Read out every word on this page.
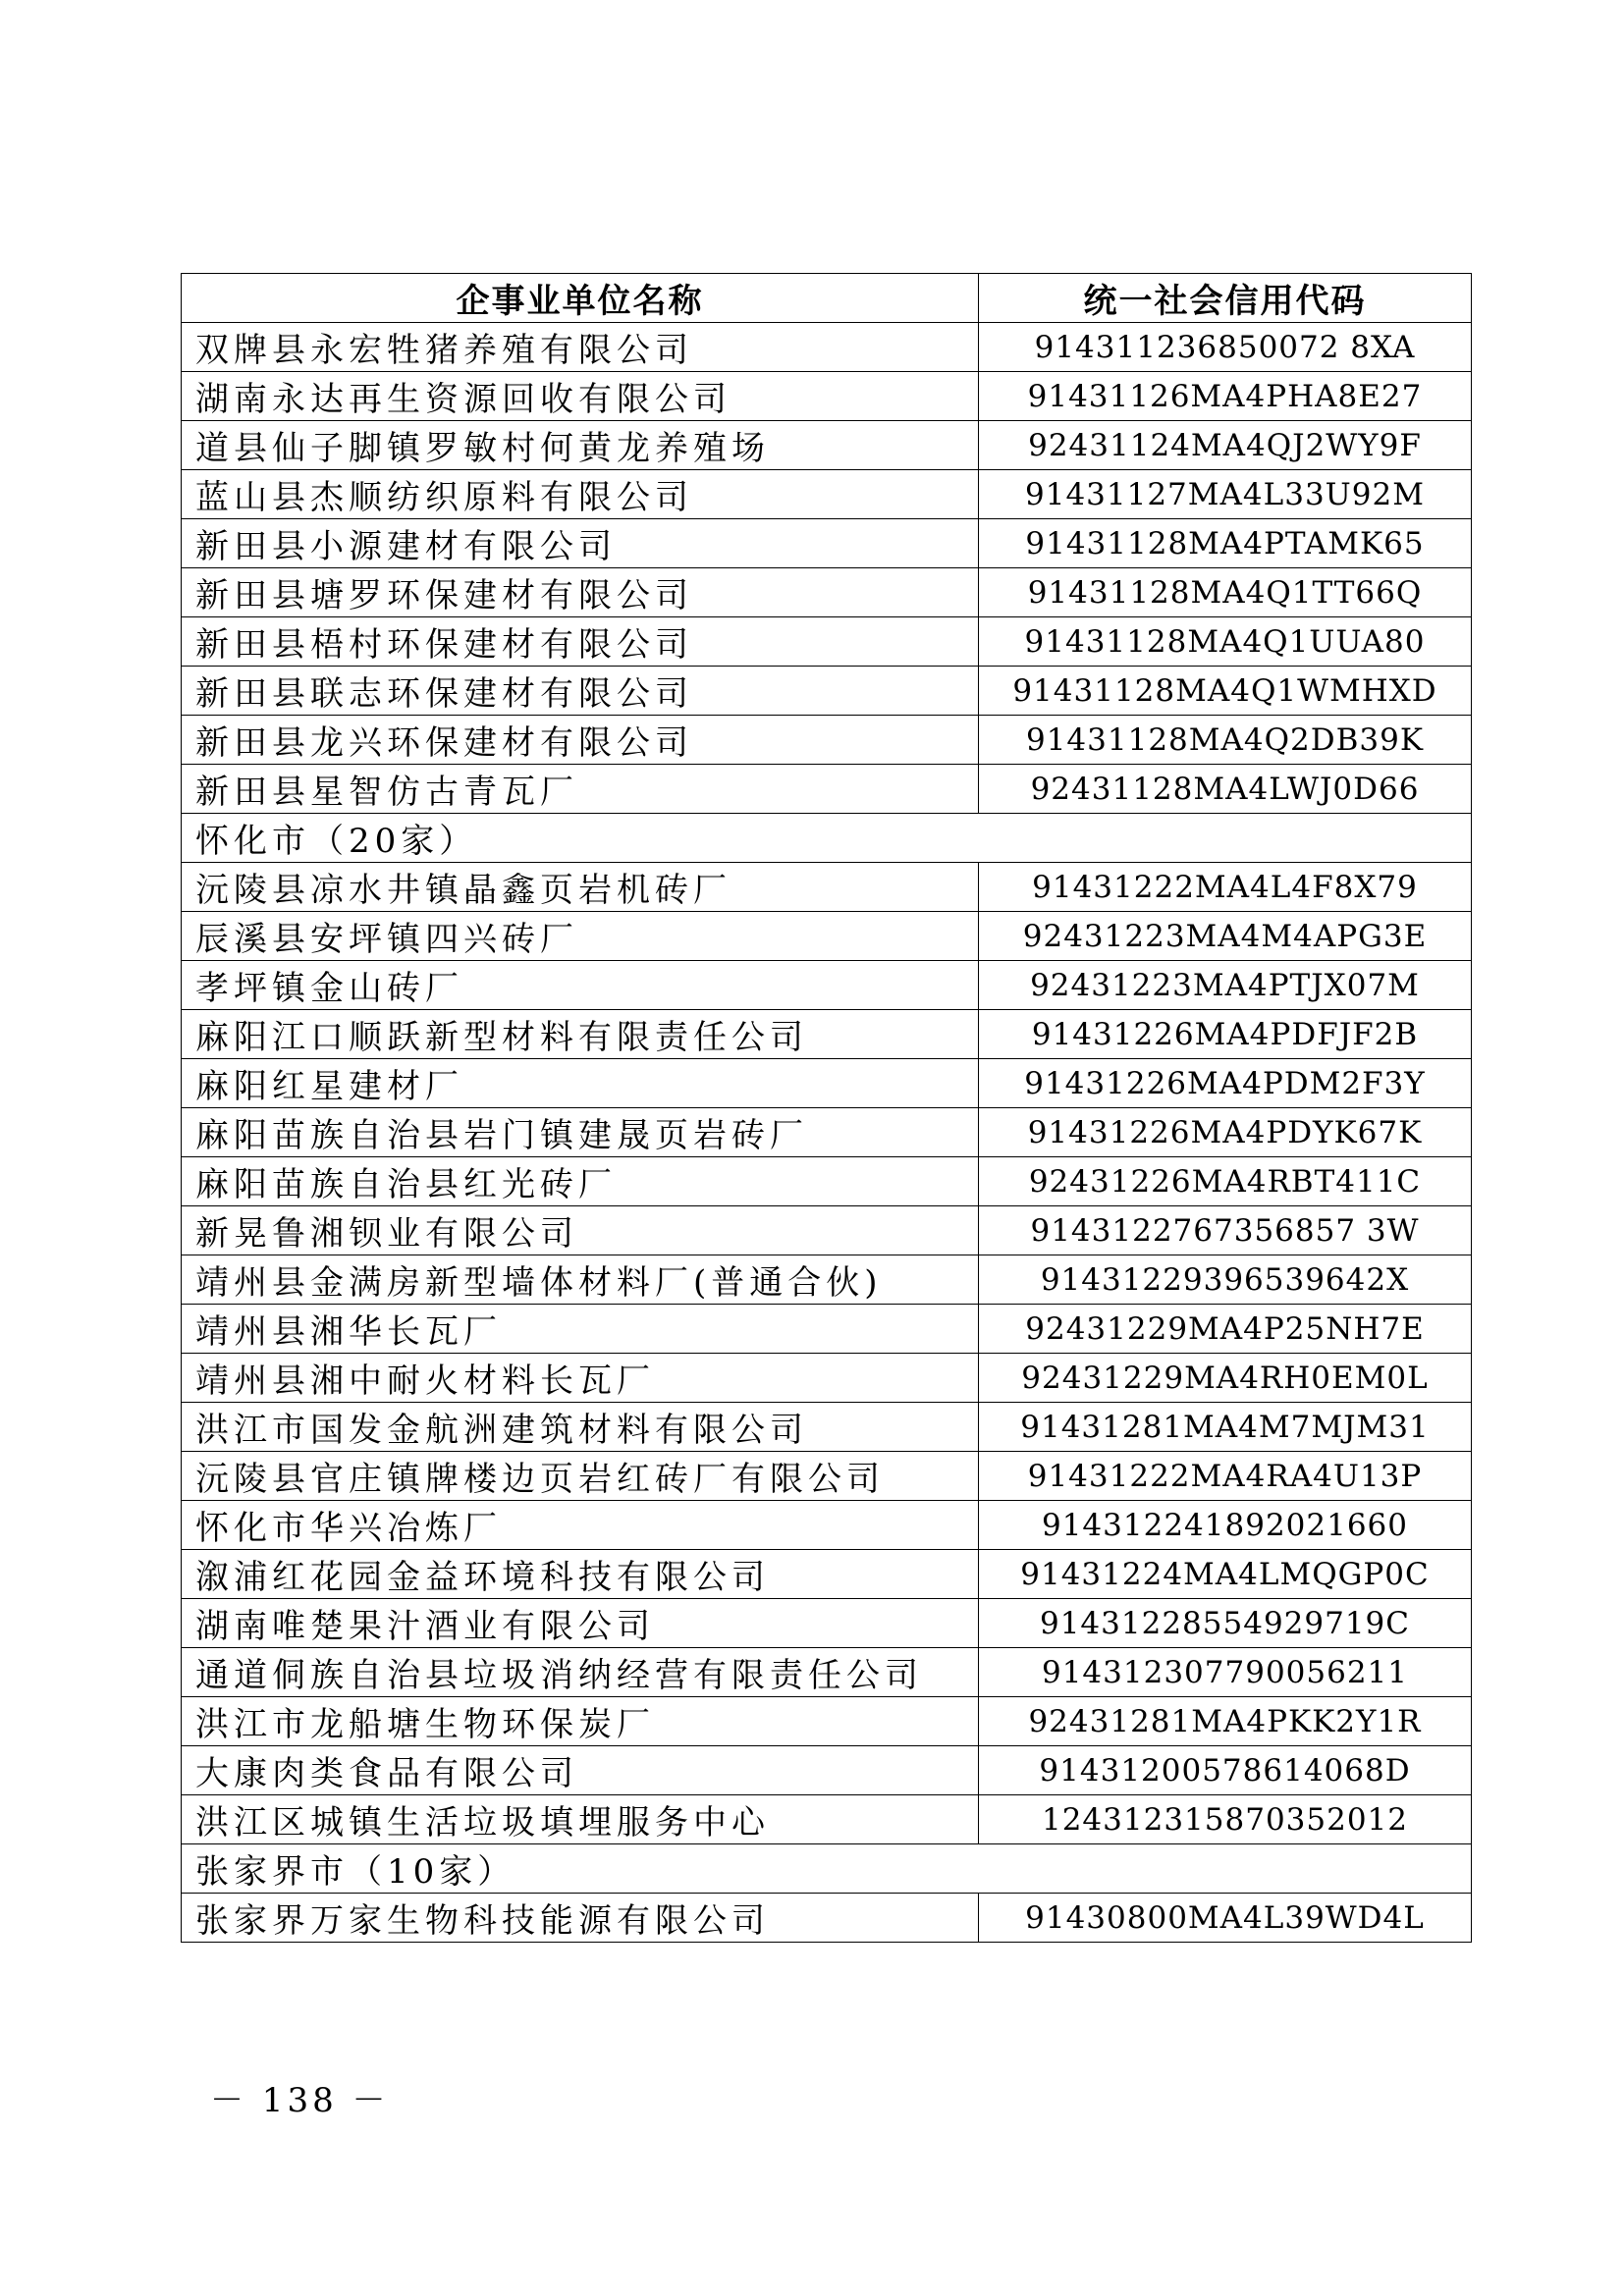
企事业单位名称	统一社会信用代码
双牌县永宏牲猪养殖有限公司	914311236850072 8XA
湖南永达再生资源回收有限公司	91431126MA4PHA8E27
道县仙子脚镇罗敏村何黄龙养殖场	92431124MA4QJ2WY9F
蓝山县杰顺纺织原料有限公司	91431127MA4L33U92M
新田县小源建材有限公司	91431128MA4PTAMK65
新田县塘罗环保建材有限公司	91431128MA4Q1TT66Q
新田县梧村环保建材有限公司	91431128MA4Q1UUA80
新田县联志环保建材有限公司	91431128MA4Q1WMHXD
新田县龙兴环保建材有限公司	91431128MA4Q2DB39K
新田县星智仿古青瓦厂	92431128MA4LWJ0D66
怀化市（20家）	
沅陵县凉水井镇晶鑫页岩机砖厂	91431222MA4L4F8X79
辰溪县安坪镇四兴砖厂	92431223MA4M4APG3E
孝坪镇金山砖厂	92431223MA4PTJX07M
麻阳江口顺跃新型材料有限责任公司	91431226MA4PDFJF2B
麻阳红星建材厂	91431226MA4PDM2F3Y
麻阳苗族自治县岩门镇建晟页岩砖厂	91431226MA4PDYK67K
麻阳苗族自治县红光砖厂	92431226MA4RBT411C
新晃鲁湘钡业有限公司	9143122767356857 3W
靖州县金满房新型墙体材料厂(普通合伙)	91431229396539642X
靖州县湘华长瓦厂	92431229MA4P25NH7E
靖州县湘中耐火材料长瓦厂	92431229MA4RH0EM0L
洪江市国发金航洲建筑材料有限公司	91431281MA4M7MJM31
沅陵县官庄镇牌楼边页岩红砖厂有限公司	91431222MA4RA4U13P
怀化市华兴冶炼厂	914312241892021660
溆浦红花园金益环境科技有限公司	91431224MA4LMQGP0C
湖南唯楚果汁酒业有限公司	91431228554929719C
通道侗族自治县垃圾消纳经营有限责任公司	914312307790056211
洪江市龙船塘生物环保炭厂	92431281MA4PKK2Y1R
大康肉类食品有限公司	91431200578614068D
洪江区城镇生活垃圾填埋服务中心	124312315870352012
张家界市（10家）	
张家界万家生物科技能源有限公司	91430800MA4L39WD4L
－ 138 －
